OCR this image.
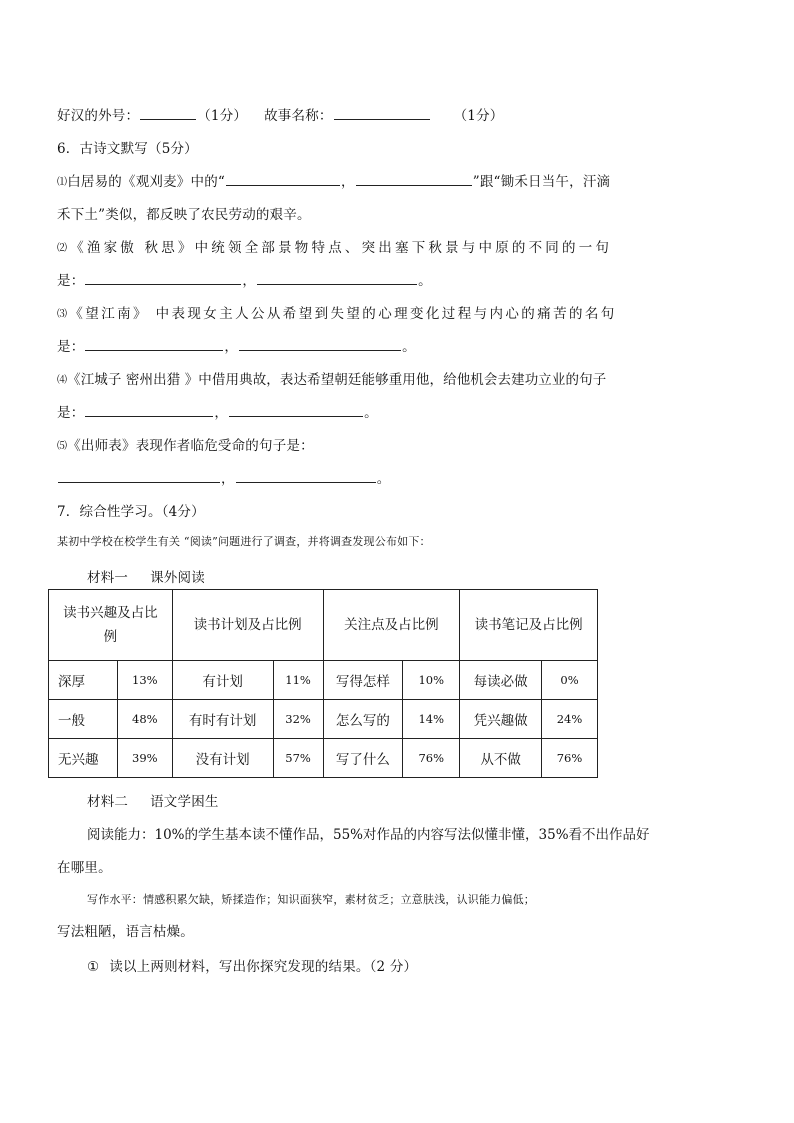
好汉的外号：	（1分） 故事名称：	（1分）
6．古诗文默写（5分）
⑴白居易的《观刈麦》中的“	，	”跟“锄禾日当午，汗滴
禾下土”类似，都反映了农民劳动的艰辛。
⑵《渔家傲 秋思》中统领全部景物特点、突出塞下秋景与中原的不同的一句
是：	，	。
⑶《望江南》 中表现女主人公从希望到失望的心理变化过程与内心的痛苦的名句
是：	，	。
⑷《江城子 密州出猎 》中借用典故，表达希望朝廷能够重用他，给他机会去建功立业的句子
是：	，	。
⑸《出师表》表现作者临危受命的句子是：
，	。
7．综合性学习。（4分）
某初中学校在校学生有关 “阅读”问题进行了调查，并将调查发现公布如下：
材料一 课外阅读
读书兴趣及占比例		读书计划及占比例		关注点及占比例		读书笔记及占比例	
深厚	13%	有计划	11%	写得怎样	10%	每读必做	0%
一般	48%	有时有计划	32%	怎么写的	14%	凭兴趣做	24%
无兴趣	39%	没有计划	57%	写了什么	76%	从不做	76%
材料二 语文学困生
阅读能力：10%的学生基本读不懂作品，55%对作品的内容写法似懂非懂，35%看不出作品好
在哪里。
写作水平：情感积累欠缺，矫揉造作；知识面狭窄，素材贫乏；立意肤浅，认识能力偏低；
写法粗陋，语言枯燥。
① 读以上两则材料，写出你探究发现的结果。（2 分）
